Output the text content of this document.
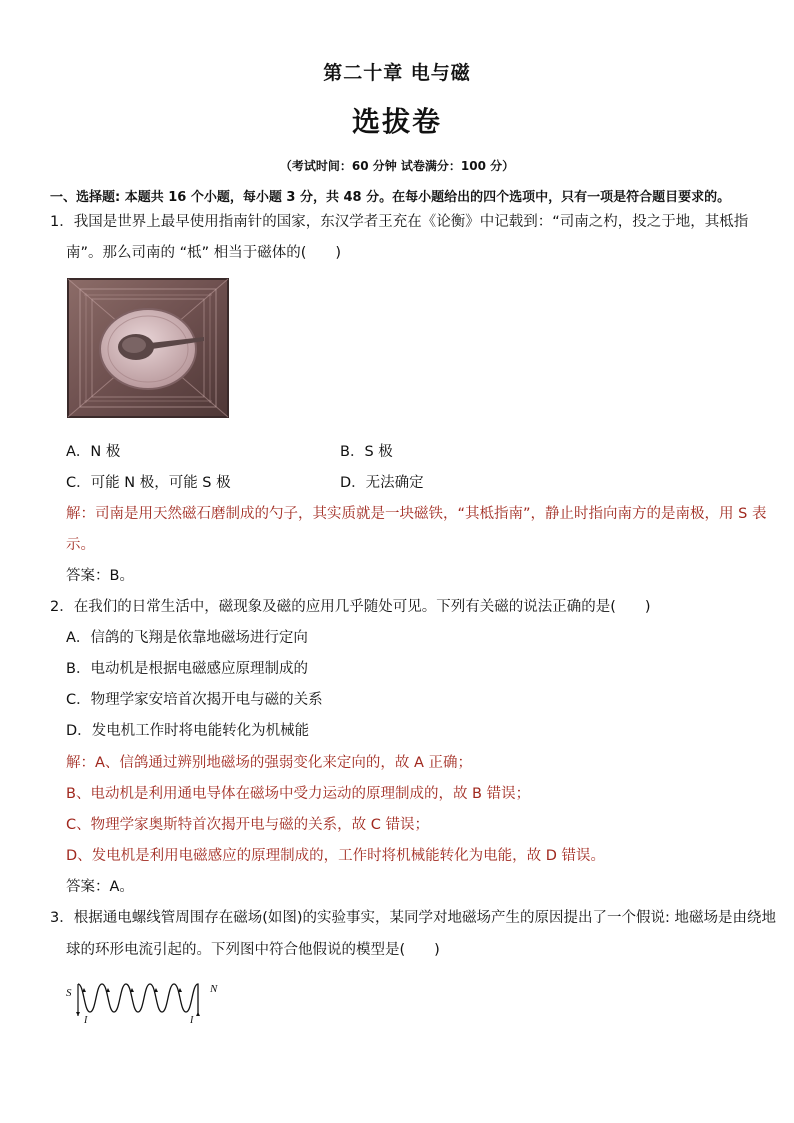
第二十章 电与磁
选拔卷
（考试时间：60 分钟 试卷满分：100 分）
一、选择题: 本题共 16 个小题，每小题 3 分，共 48 分。在每小题给出的四个选项中，只有一项是符合题目要求的。
1．我国是世界上最早使用指南针的国家，东汉学者王充在《论衡》中记载到：“司南之杓，投之于地，其柢指
南”。那么司南的 “柢” 相当于磁体的(　　)
A．N 极	B．S 极
C．可能 N 极，可能 S 极	D．无法确定
解：司南是用天然磁石磨制成的勺子，其实质就是一块磁铁，“其柢指南”，静止时指向南方的是南极，用 S 表
示。
答案：B。
2．在我们的日常生活中，磁现象及磁的应用几乎随处可见。下列有关磁的说法正确的是(　　)
A．信鸽的飞翔是依靠地磁场进行定向
B．电动机是根据电磁感应原理制成的
C．物理学家安培首次揭开电与磁的关系
D．发电机工作时将电能转化为机械能
解：A、信鸽通过辨别地磁场的强弱变化来定向的，故 A 正确；
B、电动机是利用通电导体在磁场中受力运动的原理制成的，故 B 错误；
C、物理学家奥斯特首次揭开电与磁的关系，故 C 错误；
D、发电机是利用电磁感应的原理制成的，工作时将机械能转化为电能，故 D 错误。
答案：A。
3．根据通电螺线管周围存在磁场(如图)的实验事实，某同学对地磁场产生的原因提出了一个假说: 地磁场是由绕地
球的环形电流引起的。下列图中符合他假说的模型是(　　)
S	N
I	I
